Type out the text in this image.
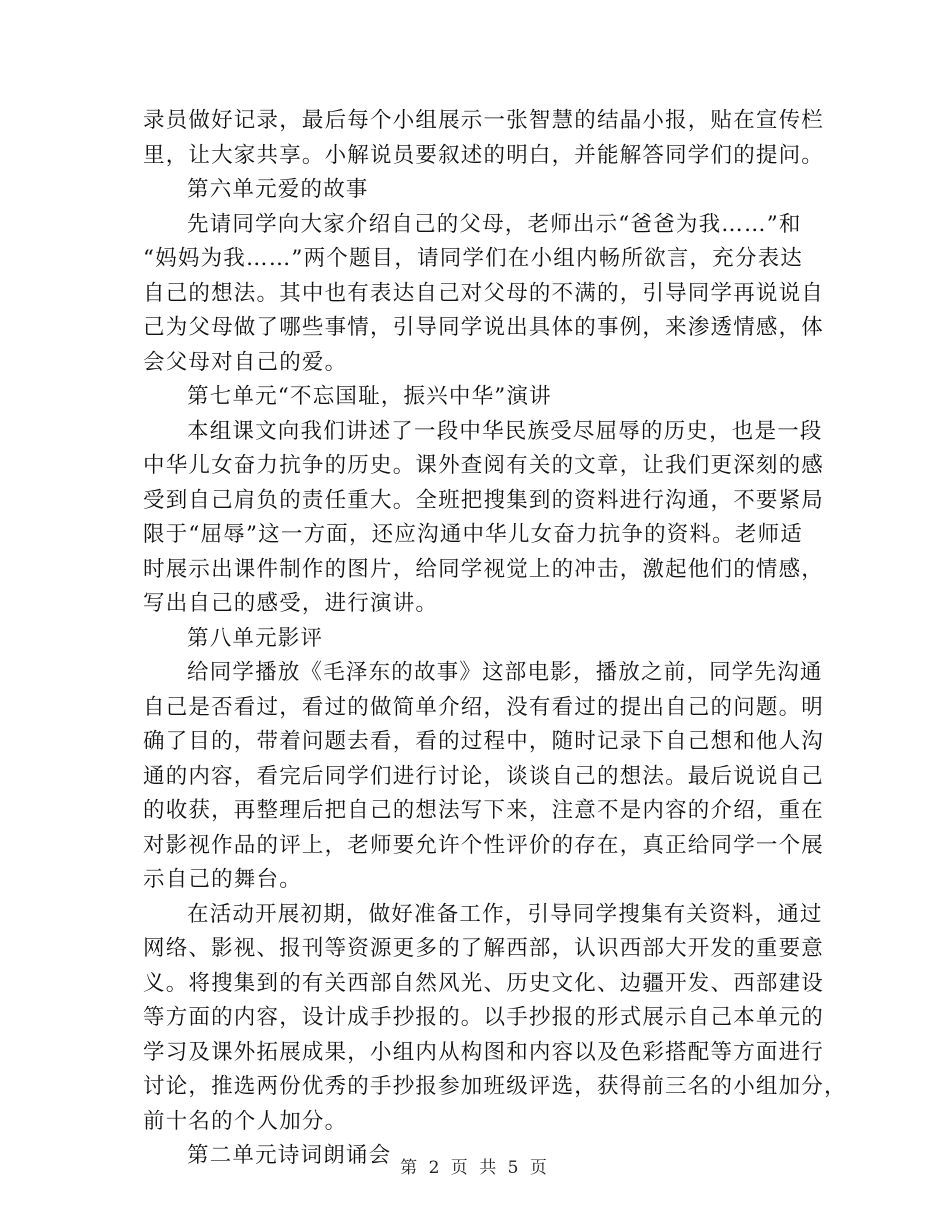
录员做好记录，最后每个小组展示一张智慧的结晶小报，贴在宣传栏
里，让大家共享。小解说员要叙述的明白，并能解答同学们的提问。
第六单元爱的故事
先请同学向大家介绍自己的父母，老师出示“爸爸为我……”和
“妈妈为我……”两个题目，请同学们在小组内畅所欲言，充分表达
自己的想法。其中也有表达自己对父母的不满的，引导同学再说说自
己为父母做了哪些事情，引导同学说出具体的事例，来渗透情感，体
会父母对自己的爱。
第七单元“不忘国耻，振兴中华”演讲
本组课文向我们讲述了一段中华民族受尽屈辱的历史，也是一段
中华儿女奋力抗争的历史。课外查阅有关的文章，让我们更深刻的感
受到自己肩负的责任重大。全班把搜集到的资料进行沟通，不要紧局
限于“屈辱”这一方面，还应沟通中华儿女奋力抗争的资料。老师适
时展示出课件制作的图片，给同学视觉上的冲击，激起他们的情感，
写出自己的感受，进行演讲。
第八单元影评
给同学播放《毛泽东的故事》这部电影，播放之前，同学先沟通
自己是否看过，看过的做简单介绍，没有看过的提出自己的问题。明
确了目的，带着问题去看，看的过程中，随时记录下自己想和他人沟
通的内容，看完后同学们进行讨论，谈谈自己的想法。最后说说自己
的收获，再整理后把自己的想法写下来，注意不是内容的介绍，重在
对影视作品的评上，老师要允许个性评价的存在，真正给同学一个展
示自己的舞台。
在活动开展初期，做好准备工作，引导同学搜集有关资料，通过
网络、影视、报刊等资源更多的了解西部，认识西部大开发的重要意
义。将搜集到的有关西部自然风光、历史文化、边疆开发、西部建设
等方面的内容，设计成手抄报的。以手抄报的形式展示自己本单元的
学习及课外拓展成果，小组内从构图和内容以及色彩搭配等方面进行
讨论，推选两份优秀的手抄报参加班级评选，获得前三名的小组加分，
前十名的个人加分。
第二单元诗词朗诵会 第 2 页 共 5 页
